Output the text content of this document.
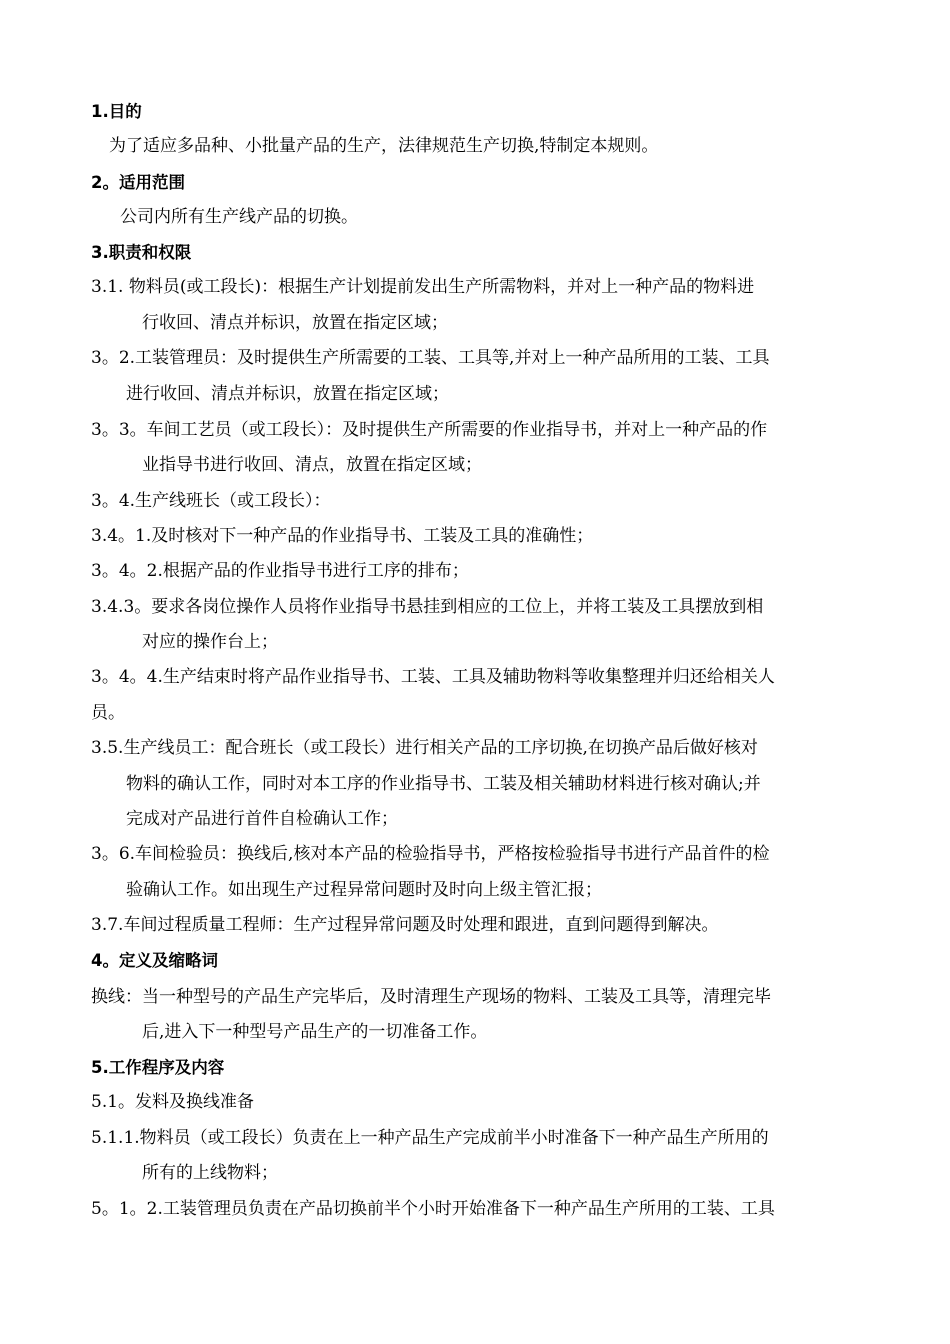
1.目的
为了适应多品种、小批量产品的生产，法律规范生产切换,特制定本规则。
2。适用范围
公司内所有生产线产品的切换。
3.职责和权限
3.1. 物料员(或工段长)：根据生产计划提前发出生产所需物料，并对上一种产品的物料进
行收回、清点并标识，放置在指定区域；
3。2.工装管理员：及时提供生产所需要的工装、工具等,并对上一种产品所用的工装、工具
进行收回、清点并标识，放置在指定区域；
3。3。车间工艺员（或工段长）：及时提供生产所需要的作业指导书，并对上一种产品的作
业指导书进行收回、清点，放置在指定区域；
3。4.生产线班长（或工段长）：
3.4。1.及时核对下一种产品的作业指导书、工装及工具的准确性；
3。4。2.根据产品的作业指导书进行工序的排布；
3.4.3。要求各岗位操作人员将作业指导书悬挂到相应的工位上，并将工装及工具摆放到相
对应的操作台上；
3。4。4.生产结束时将产品作业指导书、工装、工具及辅助物料等收集整理并归还给相关人
员。
3.5.生产线员工：配合班长（或工段长）进行相关产品的工序切换,在切换产品后做好核对
物料的确认工作，同时对本工序的作业指导书、工装及相关辅助材料进行核对确认;并
完成对产品进行首件自检确认工作；
3。6.车间检验员：换线后,核对本产品的检验指导书，严格按检验指导书进行产品首件的检
验确认工作。如出现生产过程异常问题时及时向上级主管汇报；
3.7.车间过程质量工程师：生产过程异常问题及时处理和跟进，直到问题得到解决。
4。定义及缩略词
换线：当一种型号的产品生产完毕后，及时清理生产现场的物料、工装及工具等，清理完毕
后,进入下一种型号产品生产的一切准备工作。
5.工作程序及内容
5.1。发料及换线准备
5.1.1.物料员（或工段长）负责在上一种产品生产完成前半小时准备下一种产品生产所用的
所有的上线物料；
5。1。2.工装管理员负责在产品切换前半个小时开始准备下一种产品生产所用的工装、工具
